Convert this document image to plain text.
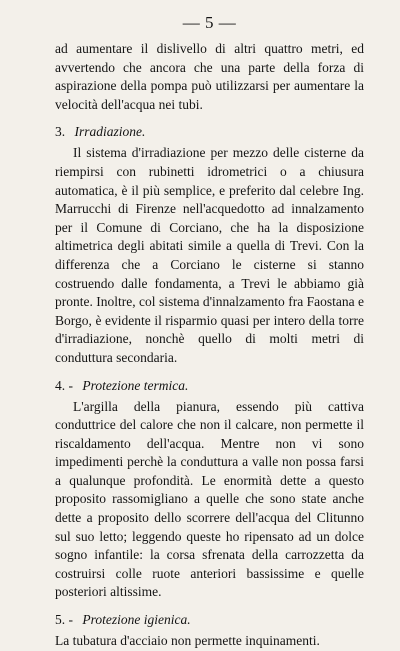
— 5 —

ad aumentare il dislivello di altri quattro metri, ed avvertendo che ancora che una parte della forza di aspirazione della pompa può utilizzarsi per aumentare la velocità dell'acqua nei tubi.

3. Irradiazione.

Il sistema d'irradiazione per mezzo delle cisterne da riempirsi con rubinetti idrometrici o a chiusura automatica, è il più semplice, e preferito dal celebre Ing. Marrucchi di Firenze nell'acquedotto ad innalzamento per il Comune di Corciano, che ha la disposizione altimetrica degli abitati simile a quella di Trevi. Con la differenza che a Corciano le cisterne si stanno costruendo dalle fondamenta, a Trevi le abbiamo già pronte. Inoltre, col sistema d'innalzamento fra Faostana e Borgo, è evidente il risparmio quasi per intero della torre d'irradiazione, nonchè quello di molti metri di conduttura secondaria.

4. - Protezione termica.

L'argilla della pianura, essendo più cattiva conduttrice del calore che non il calcare, non permette il riscaldamento dell'acqua. Mentre non vi sono impedimenti perchè la conduttura a valle non possa farsi a qualunque profondità. Le enormità dette a questo proposito rassomigliano a quelle che sono state anche dette a proposito dello scorrere dell'acqua del Clitunno sul suo letto; leggendo queste ho ripensato ad un dolce sogno infantile: la corsa sfrenata della carrozzetta da costruirsi colle ruote anteriori bassissime e quelle posteriori altissime.

5. - Protezione igienica.

La tubatura d'acciaio non permette inquinamenti.
